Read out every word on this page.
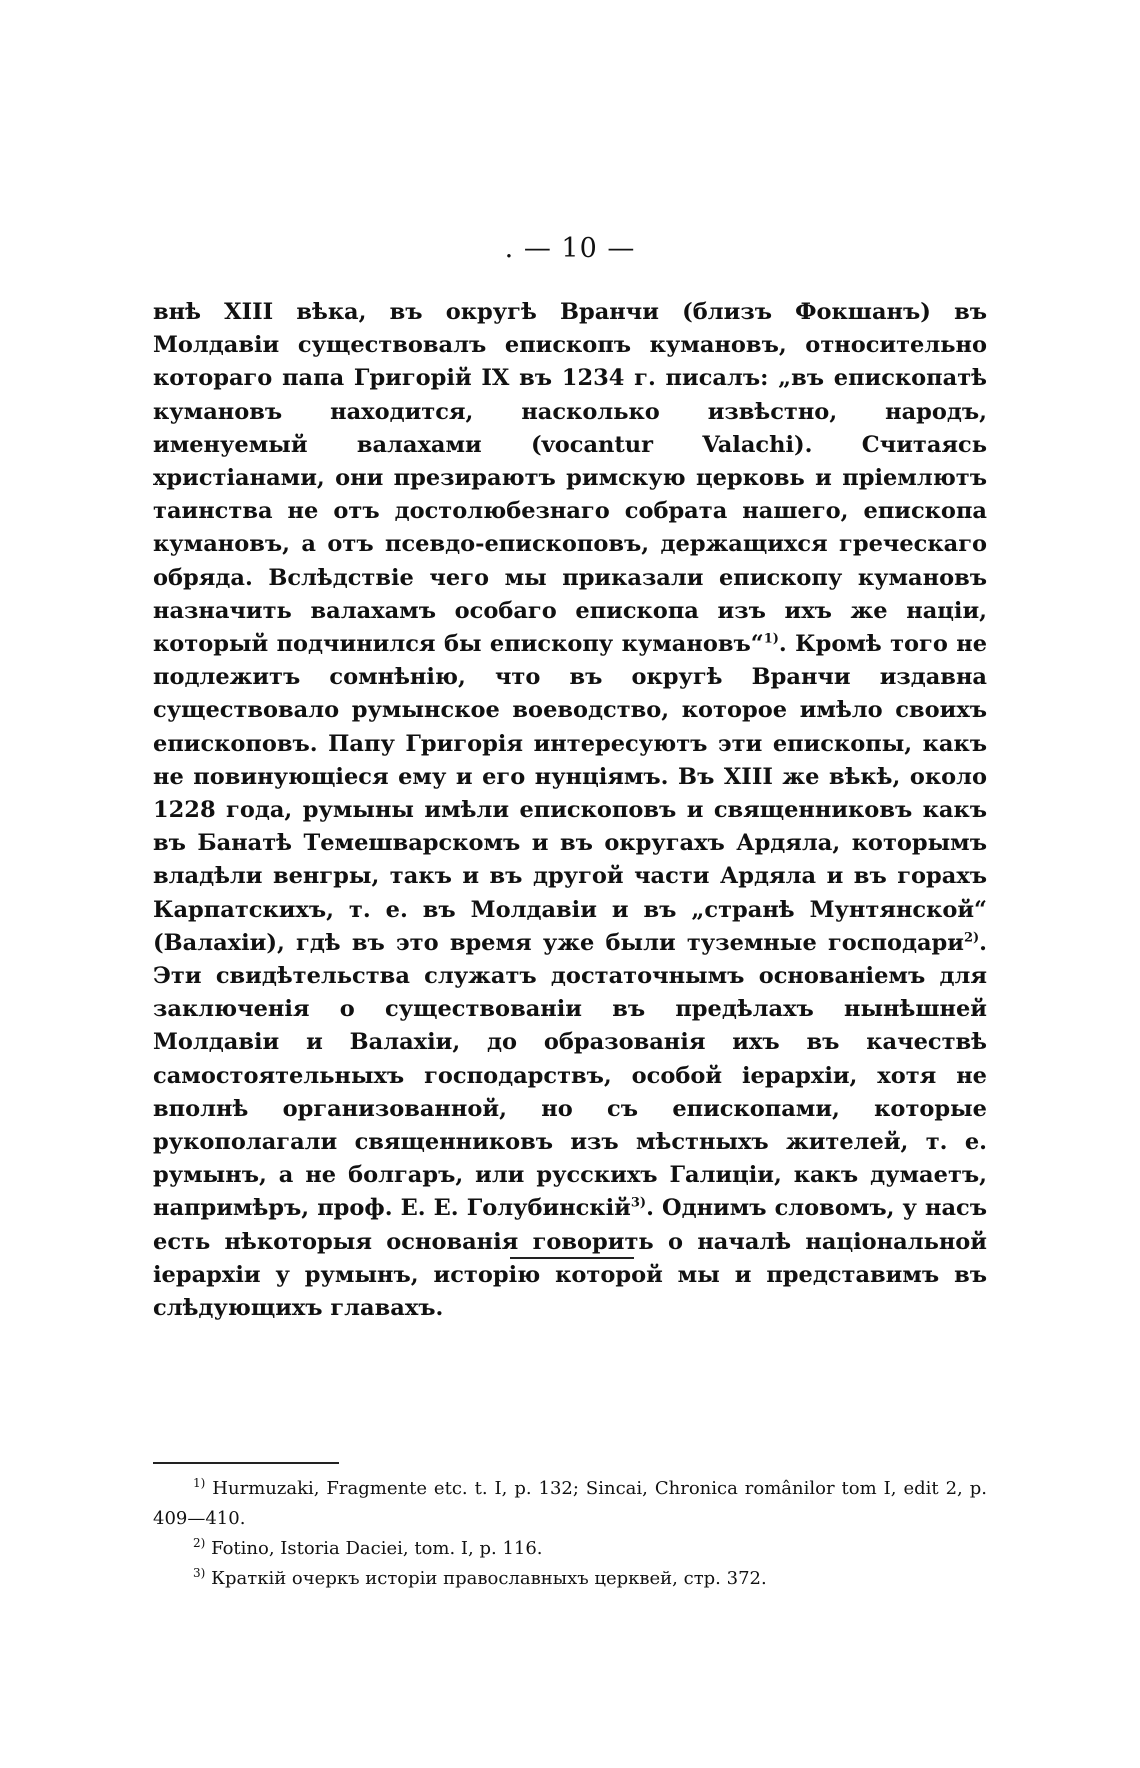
. — 10 —

внѣ XIII вѣка, въ округѣ Вранчи (близъ Фокшанъ) въ Молдавіи существовалъ епископъ кумановъ, относительно котораго папа Григорій IX въ 1234 г. писалъ: „въ епископатѣ кумановъ находится, насколько извѣстно, народъ, именуемый валахами (vocantur Valachi). Считаясь христіанами, они презираютъ римскую церковь и пріемлютъ таинства не отъ достолюбезнаго собрата нашего, епископа кумановъ, а отъ псевдо-епископовъ, держащихся греческаго обряда. Вслѣдствіе чего мы приказали епископу кумановъ назначить валахамъ особаго епископа изъ ихъ же націи, который подчинился бы епископу кумановъ“$^{1)}$. Кромѣ того не подлежитъ сомнѣнію, что въ округѣ Вранчи издавна существовало румынское воеводство, которое имѣло своихъ епископовъ. Папу Григорія интересуютъ эти епископы, какъ не повинующіеся ему и его нунціямъ. Въ XIII же вѣкѣ, около 1228 года, румыны имѣли епископовъ и священниковъ какъ въ Банатѣ Темешварскомъ и въ округахъ Ардяла, которымъ владѣли венгры, такъ и въ другой части Ардяла и въ горахъ Карпатскихъ, т. е. въ Молдавіи и въ „странѣ Мунтянской“ (Валахіи), гдѣ въ это время уже были туземные господари$^{2)}$. Эти свидѣтельства служатъ достаточнымъ основаніемъ для заключенія о существованіи въ предѣлахъ нынѣшней Молдавіи и Валахіи, до образованія ихъ въ качествѣ самостоятельныхъ господарствъ, особой іерархіи, хотя не вполнѣ организованной, но съ епископами, которые рукополагали священниковъ изъ мѣстныхъ жителей, т. е. румынъ, а не болгаръ, или русскихъ Галиціи, какъ думаетъ, напримѣръ, проф. Е. Е. Голубинскій$^{3)}$. Однимъ словомъ, у насъ есть нѣкоторыя основанія говорить о началѣ національной іерархіи у румынъ, исторію которой мы и представимъ въ слѣдующихъ главахъ.

$^{1)}$ Hurmuzaki, Fragmente etc. t. I, p. 132; Sincai, Chronica românilor tom I, edit 2, p. 409—410.

$^{2)}$ Fotino, Istoria Daciei, tom. I, p. 116.

$^{3)}$ Краткій очеркъ исторіи православныхъ церквей, стр. 372.
